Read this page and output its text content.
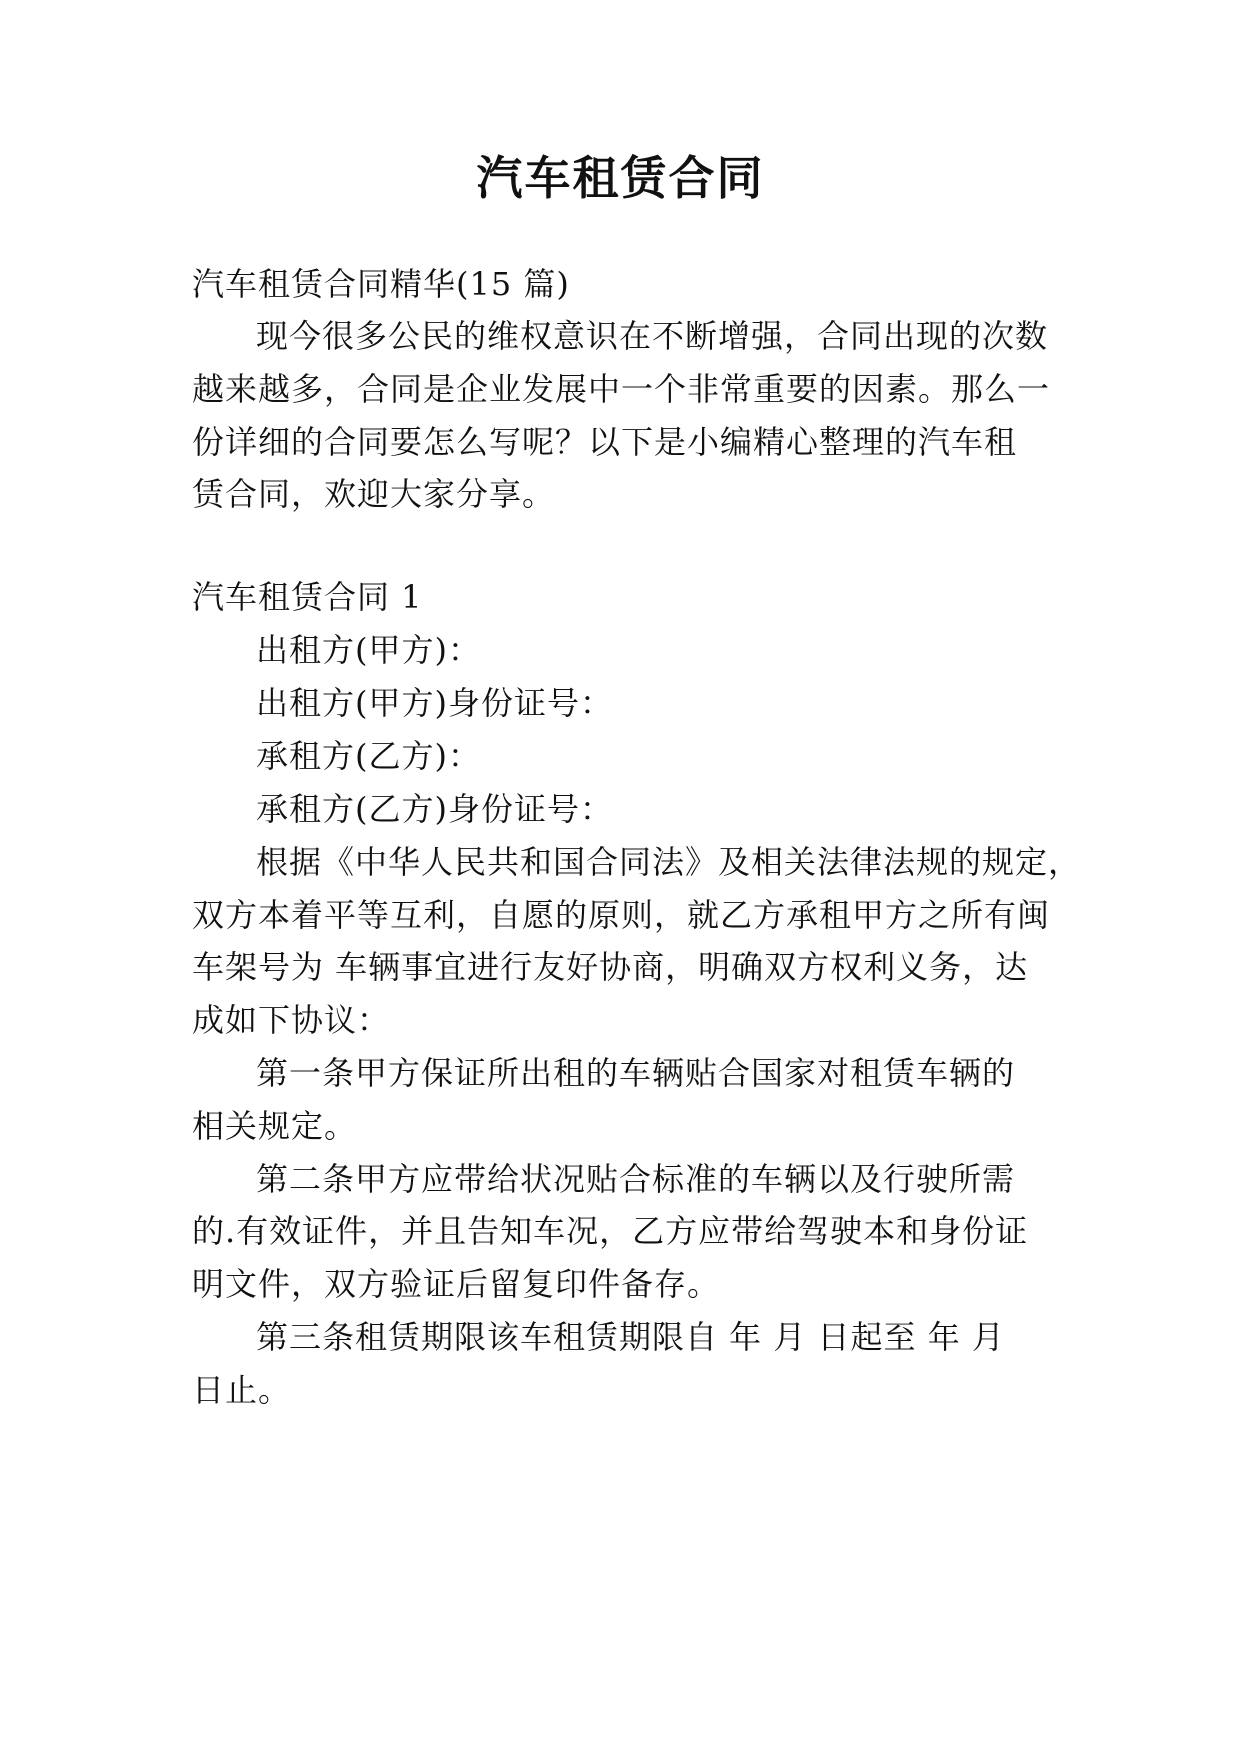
汽车租赁合同
汽车租赁合同精华(15 篇)
现今很多公民的维权意识在不断增强，合同出现的次数
越来越多，合同是企业发展中一个非常重要的因素。那么一
份详细的合同要怎么写呢？以下是小编精心整理的汽车租
赁合同，欢迎大家分享。
汽车租赁合同 1
出租方(甲方)：
出租方(甲方)身份证号：
承租方(乙方)：
承租方(乙方)身份证号：
根据《中华人民共和国合同法》及相关法律法规的规定，
双方本着平等互利，自愿的原则，就乙方承租甲方之所有闽
车架号为 车辆事宜进行友好协商，明确双方权利义务，达
成如下协议：
第一条甲方保证所出租的车辆贴合国家对租赁车辆的
相关规定。
第二条甲方应带给状况贴合标准的车辆以及行驶所需
的.有效证件，并且告知车况，乙方应带给驾驶本和身份证
明文件，双方验证后留复印件备存。
第三条租赁期限该车租赁期限自 年 月 日起至 年 月
日止。
